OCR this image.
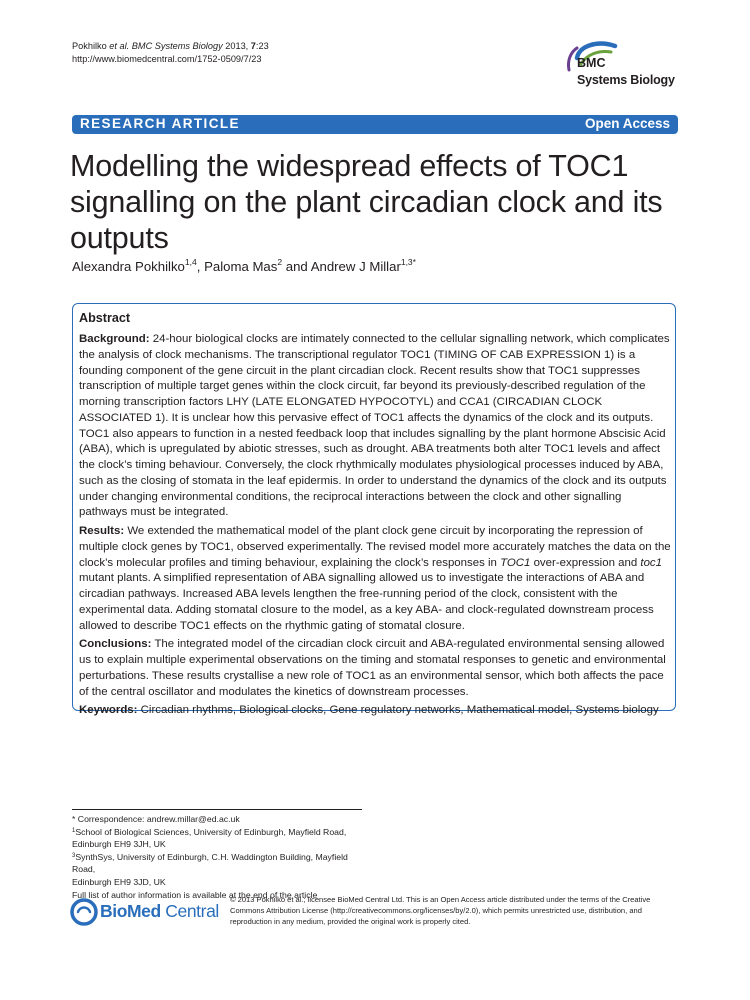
Pokhilko et al. BMC Systems Biology 2013, 7:23
http://www.biomedcentral.com/1752-0509/7/23	BMC
Systems Biology
RESEARCH ARTICLE	Open Access
Modelling the widespread effects of TOC1 signalling on the plant circadian clock and its outputs
Alexandra Pokhilko$^{1,4}$, Paloma Mas$^2$ and Andrew J Millar$^{1,3*}$
Abstract

Background: 24-hour biological clocks are intimately connected to the cellular signalling network, which complicates the analysis of clock mechanisms. The transcriptional regulator TOC1 (TIMING OF CAB EXPRESSION 1) is a founding component of the gene circuit in the plant circadian clock. Recent results show that TOC1 suppresses transcription of multiple target genes within the clock circuit, far beyond its previously-described regulation of the morning transcription factors LHY (LATE ELONGATED HYPOCOTYL) and CCA1 (CIRCADIAN CLOCK ASSOCIATED 1). It is unclear how this pervasive effect of TOC1 affects the dynamics of the clock and its outputs. TOC1 also appears to function in a nested feedback loop that includes signalling by the plant hormone Abscisic Acid (ABA), which is upregulated by abiotic stresses, such as drought. ABA treatments both alter TOC1 levels and affect the clock’s timing behaviour. Conversely, the clock rhythmically modulates physiological processes induced by ABA, such as the closing of stomata in the leaf epidermis. In order to understand the dynamics of the clock and its outputs under changing environmental conditions, the reciprocal interactions between the clock and other signalling pathways must be integrated.

Results: We extended the mathematical model of the plant clock gene circuit by incorporating the repression of multiple clock genes by TOC1, observed experimentally. The revised model more accurately matches the data on the clock’s molecular profiles and timing behaviour, explaining the clock’s responses in TOC1 over-expression and toc1 mutant plants. A simplified representation of ABA signalling allowed us to investigate the interactions of ABA and circadian pathways. Increased ABA levels lengthen the free-running period of the clock, consistent with the experimental data. Adding stomatal closure to the model, as a key ABA- and clock-regulated downstream process allowed to describe TOC1 effects on the rhythmic gating of stomatal closure.

Conclusions: The integrated model of the circadian clock circuit and ABA-regulated environmental sensing allowed us to explain multiple experimental observations on the timing and stomatal responses to genetic and environmental perturbations. These results crystallise a new role of TOC1 as an environmental sensor, which both affects the pace of the central oscillator and modulates the kinetics of downstream processes.

Keywords: Circadian rhythms, Biological clocks, Gene regulatory networks, Mathematical model, Systems biology

* Correspondence: andrew.millar@ed.ac.uk
$^1$School of Biological Sciences, University of Edinburgh, Mayfield Road,
Edinburgh EH9 3JH, UK
$^3$SynthSys, University of Edinburgh, C.H. Waddington Building, Mayfield Road,
Edinburgh EH9 3JD, UK
Full list of author information is available at the end of the article
BioMed Central
© 2013 Pokhilko et al.; licensee BioMed Central Ltd. This is an Open Access article distributed under the terms of the Creative Commons Attribution License (http://creativecommons.org/licenses/by/2.0), which permits unrestricted use, distribution, and reproduction in any medium, provided the original work is properly cited.
